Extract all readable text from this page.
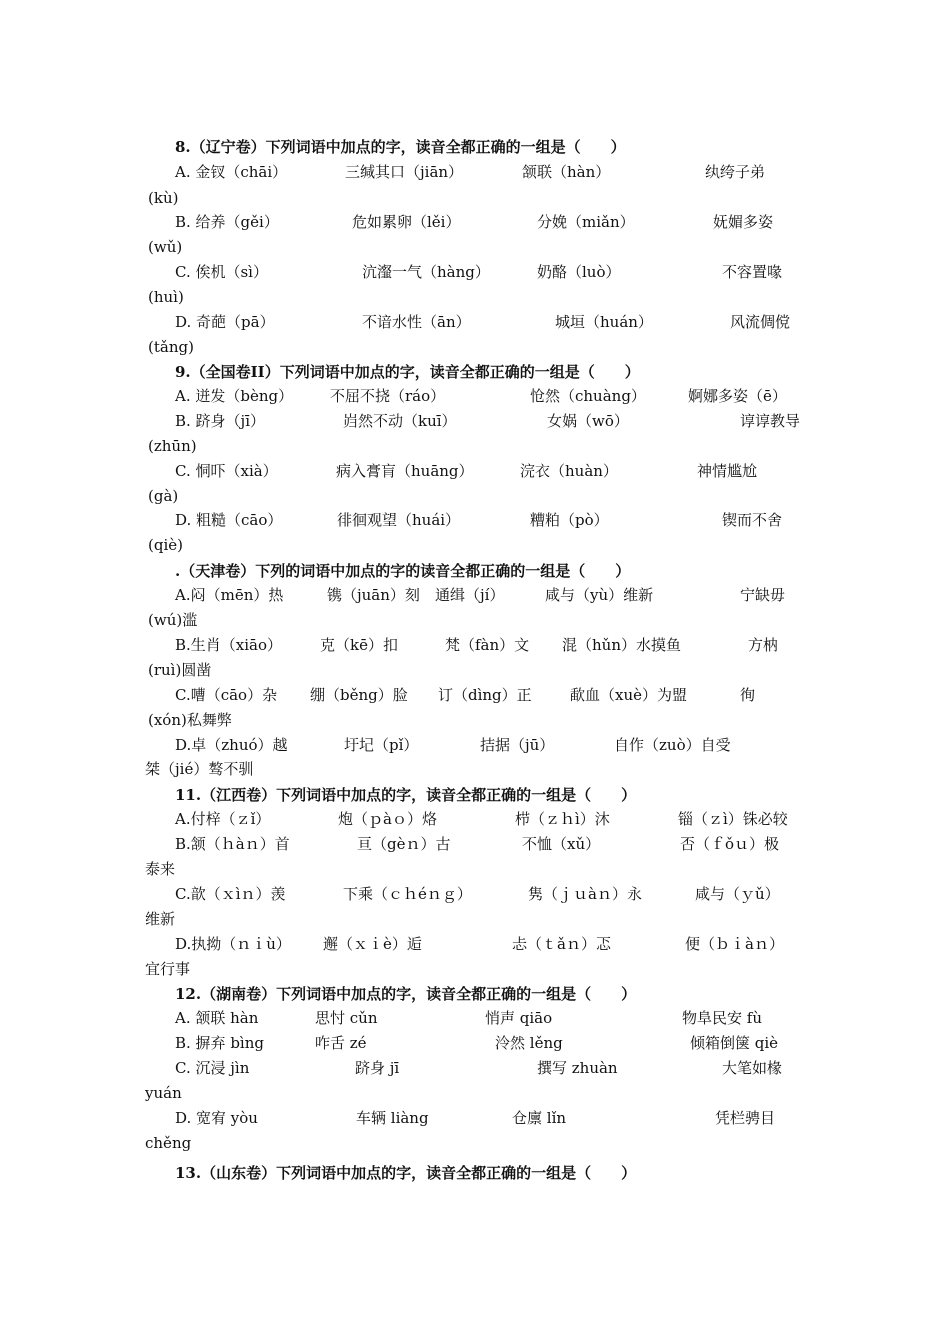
8.（辽宁卷）下列词语中加点的字，读音全都正确的一组是（　　）
A. 金钗（chāi）	三缄其口（jiān）	颔联（hàn）	纨绔子弟
(kù)
B. 给养（gěi）	危如累卵（lěi）	分娩（miǎn）	妩媚多姿
(wǔ)
C. 俟机（sì）	沆瀣一气（hàng）	奶酪（luò）	不容置喙
(huì)
D. 奇葩（pā）	不谙水性（ān）	城垣（huán）	风流倜傥
(tǎng)
9.（全国卷II）下列词语中加点的字，读音全都正确的一组是（　　）
A. 迸发（bèng） 不屈不挠（ráo）	怆然（chuàng）	婀娜多姿（ē）
B. 跻身（jī）	岿然不动（kuī）	女娲（wō）	谆谆教导
(zhūn)
C. 恫吓（xià）	病入膏肓（huāng）	浣衣（huàn）	神情尴尬
(gà)
D. 粗糙（cāo）	徘徊观望（huái）	糟粕（pò）	锲而不舍
(qiè)
.（天津卷）下列的词语中加点的字的读音全都正确的一组是（　　）
A.闷（mēn）热	镌（juān）刻 通缉（jí）	咸与（yù）维新	宁缺毋
(wú)滥
B.生肖（xiāo）	克（kē）扣	梵（fàn）文 混（hǔn）水摸鱼	方枘
(ruì)圆凿
C.嘈（cāo）杂 绷（běng）脸 订（dìng）正	歃血（xuè）为盟	徇
(xón)私舞弊
D.卓（zhuó）越	圩圮（pǐ）	拮据（jū）	自作（zuò）自受
桀（jié）骜不驯
11.（江西卷）下列词语中加点的字，读音全都正确的一组是（　　）
A.付梓（ｚǐ）	炮（ｐàｏ）烙	栉（ｚｈì）沐	锱（ｚì）铢必较
B.颔（ｈàｎ）首	亘（gèｎ）古	不恤（xǔ）	否（ｆǒｕ）极
泰来
C.歆（ｘìｎ）羡	下乘（ｃｈéｎｇ）	隽（ｊｕàｎ）永	咸与（ｙǔ）
维新
D.执拗（ｎｉù） 邂（ｘｉè）逅	忐（ｔǎｎ）忑	便（ｂｉàｎ）
宜行事
12.（湖南卷）下列词语中加点的字，读音全都正确的一组是（　　）
A. 颔联 hàn	思忖 cǔn	悄声 qiāo	物阜民安 fù
B. 摒弃 bìng	咋舌 zé	泠然 lěng	倾箱倒箧 qiè
C. 沉浸 jìn	跻身 jī	撰写 zhuàn	大笔如椽
yuán
D. 宽宥 yòu	车辆 liàng	仓廪 lǐn	凭栏骋目
chěng
13.（山东卷）下列词语中加点的字，读音全都正确的一组是（　　）
